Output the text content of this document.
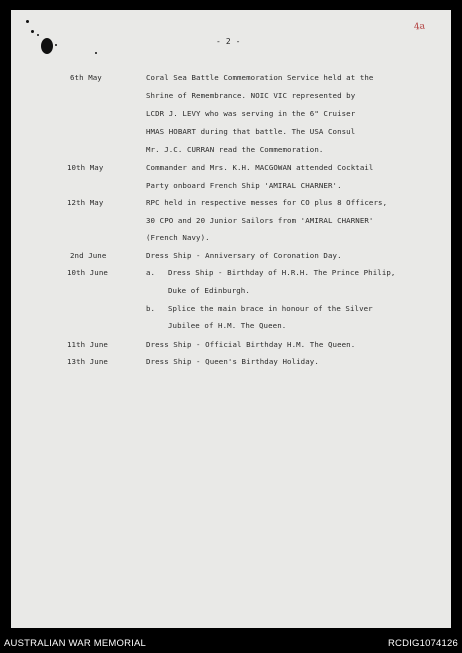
- 2 -
4a
6th May	Coral Sea Battle Commemoration Service held at the
Shrine of Remembrance. NOIC VIC represented by
LCDR J. LEVY who was serving in the 6" Cruiser
HMAS HOBART during that battle. The USA Consul
Mr. J.C. CURRAN read the Commemoration.
10th May	Commander and Mrs. K.H. MACGOWAN attended Cocktail
Party onboard French Ship 'AMIRAL CHARNER'.
12th May	RPC held in respective messes for CO plus 8 Officers,
30 CPO and 20 Junior Sailors from 'AMIRAL CHARNER'
(French Navy).
2nd June	Dress Ship - Anniversary of Coronation Day.
10th June	a. Dress Ship - Birthday of H.R.H. The Prince Philip,
Duke of Edinburgh.
b. Splice the main brace in honour of the Silver
Jubilee of H.M. The Queen.
11th June	Dress Ship - Official Birthday H.M. The Queen.
13th June	Dress Ship - Queen's Birthday Holiday.
AUSTRALIAN WAR MEMORIAL	RCDIG1074126
